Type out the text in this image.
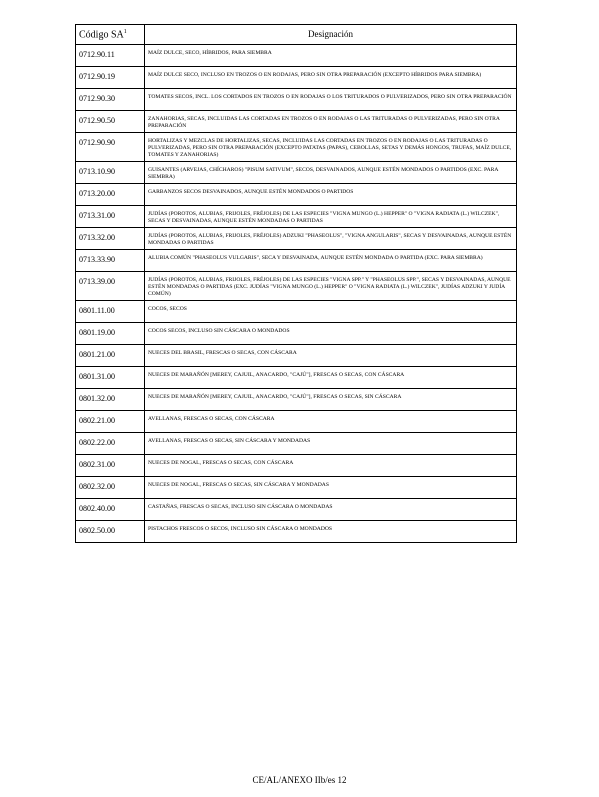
Código $SA^1$	Designación
0712.90.11	MAÍZ DULCE, SECO, HÍBRIDOS, PARA SIEMBRA
0712.90.19	MAÍZ DULCE SECO, INCLUSO EN TROZOS O EN RODAJAS, PERO SIN OTRA PREPARACIÓN (EXCEPTO HÍBRIDOS PARA SIEMBRA)
0712.90.30	TOMATES SECOS, INCL. LOS CORTADOS EN TROZOS O EN RODAJAS O LOS TRITURADOS O PULVERIZADOS, PERO SIN OTRA PREPARACIÓN
0712.90.50	ZANAHORIAS, SECAS, INCLUIDAS LAS CORTADAS EN TROZOS O EN RODAJAS O LAS TRITURADAS O PULVERIZADAS, PERO SIN OTRA PREPARACIÓN
0712.90.90	HORTALIZAS Y MEZCLAS DE HORTALIZAS, SECAS, INCLUIDAS LAS CORTADAS EN TROZOS O EN RODAJAS O LAS TRITURADAS O PULVERIZADAS, PERO SIN OTRA PREPARACIÓN (EXCEPTO PATATAS (PAPAS), CEBOLLAS, SETAS Y DEMÁS HONGOS, TRUFAS, MAÍZ DULCE, TOMATES Y ZANAHORIAS)
0713.10.90	GUISANTES (ARVEJAS, CHÍCHAROS) "PISUM SATIVUM", SECOS, DESVAINADOS, AUNQUE ESTÉN MONDADOS O PARTIDOS (EXC. PARA SIEMBRA)
0713.20.00	GARBANZOS SECOS DESVAINADOS, AUNQUE ESTÉN MONDADOS O PARTIDOS
0713.31.00	JUDÍAS (POROTOS, ALUBIAS, FRIJOLES, FRÉJOLES) DE LAS ESPECIES "VIGNA MUNGO (L.) HEPPER" O "VIGNA RADIATA (L.) WILCZEK", SECAS Y DESVAINADAS, AUNQUE ESTÉN MONDADAS O PARTIDAS
0713.32.00	JUDÍAS (POROTOS, ALUBIAS, FRIJOLES, FRÉJOLES) ADZUKI "PHASEOLUS", "VIGNA ANGULARIS", SECAS Y DESVAINADAS, AUNQUE ESTÉN MONDADAS O PARTIDAS
0713.33.90	ALUBIA COMÚN "PHASEOLUS VULGARIS", SECA Y DESVAINADA, AUNQUE ESTÉN MONDADA O PARTIDA (EXC. PARA SIEMBRA)
0713.39.00	JUDÍAS (POROTOS, ALUBIAS, FRIJOLES, FRÉJOLES) DE LAS ESPECIES "VIGNA SPP." Y "PHASEOLUS SPP.", SECAS Y DESVAINADAS, AUNQUE ESTÉN MONDADAS O PARTIDAS (EXC. JUDÍAS "VIGNA MUNGO (L.) HEPPER" O "VIGNA RADIATA (L.) WILCZEK", JUDÍAS ADZUKI Y JUDÍA COMÚN)
0801.11.00	COCOS, SECOS
0801.19.00	COCOS SECOS, INCLUSO SIN CÁSCARA O MONDADOS
0801.21.00	NUECES DEL BRASIL, FRESCAS O SECAS, CON CÁSCARA
0801.31.00	NUECES DE MARAÑÓN [MEREY, CAJUIL, ANACARDO, "CAJÚ"], FRESCAS O SECAS, CON CÁSCARA
0801.32.00	NUECES DE MARAÑÓN [MEREY, CAJUIL, ANACARDO, "CAJÚ"], FRESCAS O SECAS, SIN CÁSCARA
0802.21.00	AVELLANAS, FRESCAS O SECAS, CON CÁSCARA
0802.22.00	AVELLANAS, FRESCAS O SECAS, SIN CÁSCARA Y MONDADAS
0802.31.00	NUECES DE NOGAL, FRESCAS O SECAS, CON CÁSCARA
0802.32.00	NUECES DE NOGAL, FRESCAS O SECAS, SIN CÁSCARA Y MONDADAS
0802.40.00	CASTAÑAS, FRESCAS O SECAS, INCLUSO SIN CÁSCARA O MONDADAS
0802.50.00	PISTACHOS FRESCOS O SECOS, INCLUSO SIN CÁSCARA O MONDADOS
CE/AL/ANEXO IIb/es 12
